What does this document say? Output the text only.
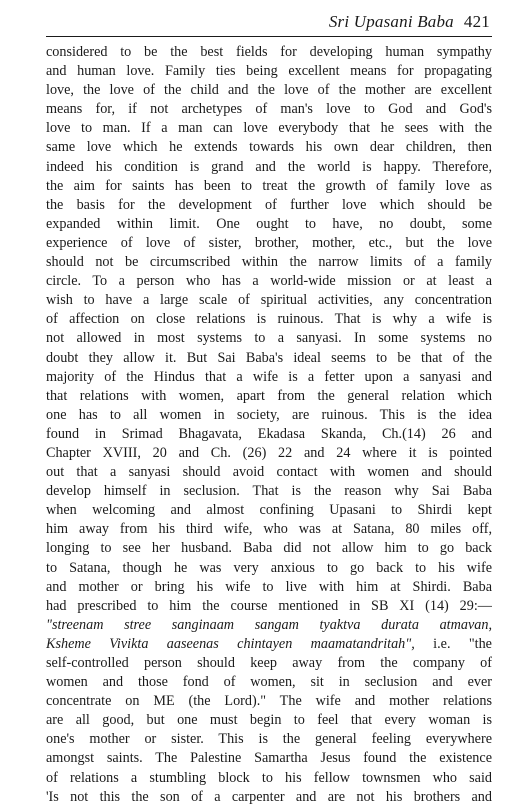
Sri Upasani Baba 421
considered to be the best fields for developing human sympathy
and human love. Family ties being excellent means for propagating
love, the love of the child and the love of the mother are excellent
means for, if not archetypes of man's love to God and God's
love to man. If a man can love everybody that he sees with the
same love which he extends towards his own dear children, then
indeed his condition is grand and the world is happy. Therefore,
the aim for saints has been to treat the growth of family love as
the basis for the development of further love which should be
expanded within limit. One ought to have, no doubt, some
experience of love of sister, brother, mother, etc., but the love
should not be circumscribed within the narrow limits of a family
circle. To a person who has a world-wide mission or at least a
wish to have a large scale of spiritual activities, any concentration
of affection on close relations is ruinous. That is why a wife is
not allowed in most systems to a sanyasi. In some systems no
doubt they allow it. But Sai Baba's ideal seems to be that of the
majority of the Hindus that a wife is a fetter upon a sanyasi and
that relations with women, apart from the general relation which
one has to all women in society, are ruinous. This is the idea
found in Srimad Bhagavata, Ekadasa Skanda, Ch.(14) 26 and
Chapter XVIII, 20 and Ch. (26) 22 and 24 where it is pointed
out that a sanyasi should avoid contact with women and should
develop himself in seclusion. That is the reason why Sai Baba
when welcoming and almost confining Upasani to Shirdi kept
him away from his third wife, who was at Satana, 80 miles off,
longing to see her husband. Baba did not allow him to go back
to Satana, though he was very anxious to go back to his wife
and mother or bring his wife to live with him at Shirdi. Baba
had prescribed to him the course mentioned in SB XI (14) 29:—
"streenam stree sanginaam sangam tyaktva durata atmavan,
Ksheme Vivikta aaseenas chintayen maamatandritah", i.e. "the
self-controlled person should keep away from the company of
women and those fond of women, sit in seclusion and ever
concentrate on ME (the Lord)." The wife and mother relations
are all good, but one must begin to feel that every woman is
one's mother or sister. This is the general feeling everywhere
amongst saints. The Palestine Samartha Jesus found the existence
of relations a stumbling block to his fellow townsmen who said
'Is not this the son of a carpenter and are not his brothers and
